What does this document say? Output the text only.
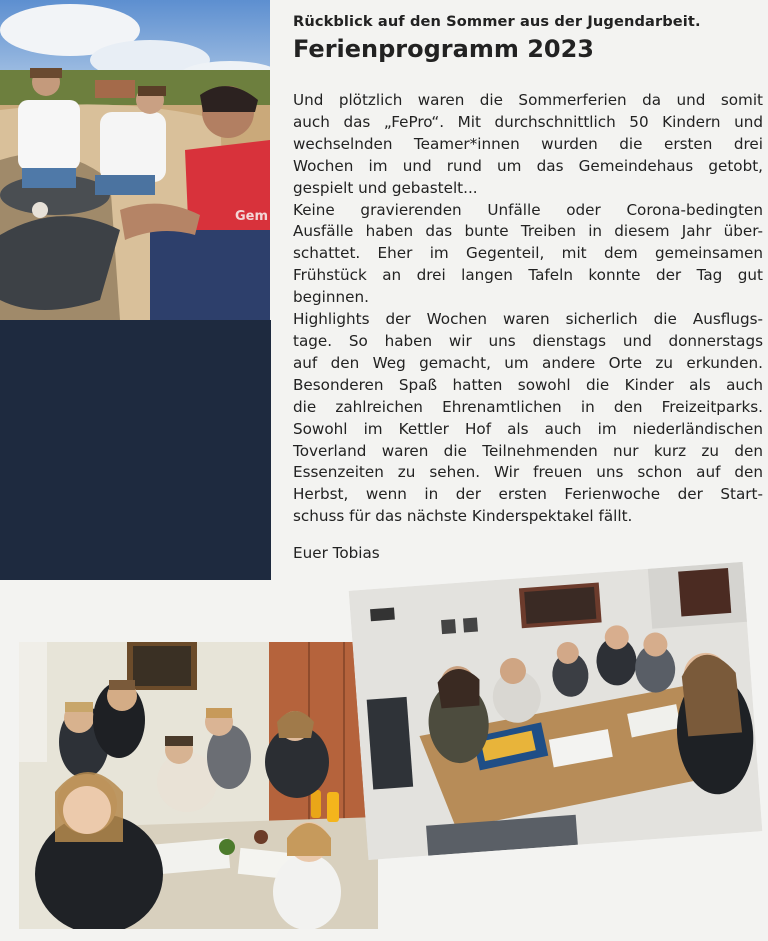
Gem
Rückblick auf den Sommer aus der Jugendarbeit.
Ferienprogramm 2023
Und plötzlich waren die Sommerferien da und somit
auch das „FePro“. Mit durchschnittlich 50 Kindern und
wechselnden Teamer*innen wurden die ersten drei
Wochen im und rund um das Gemeindehaus getobt,
gespielt und gebastelt...
Keine gravierenden Unfälle oder Corona-bedingten
Ausfälle haben das bunte Treiben in diesem Jahr über-
schattet. Eher im Gegenteil, mit dem gemeinsamen
Frühstück an drei langen Tafeln konnte der Tag gut
beginnen.
Highlights der Wochen waren sicherlich die Ausflugs-
tage. So haben wir uns dienstags und donnerstags
auf den Weg gemacht, um andere Orte zu erkunden.
Besonderen Spaß hatten sowohl die Kinder als auch
die zahlreichen Ehrenamtlichen in den Freizeitparks.
Sowohl im Kettler Hof als auch im niederländischen
Toverland waren die Teilnehmenden nur kurz zu den
Essenzeiten zu sehen. Wir freuen uns schon auf den
Herbst, wenn in der ersten Ferienwoche der Start-
schuss für das nächste Kinderspektakel fällt.
Euer Tobias
